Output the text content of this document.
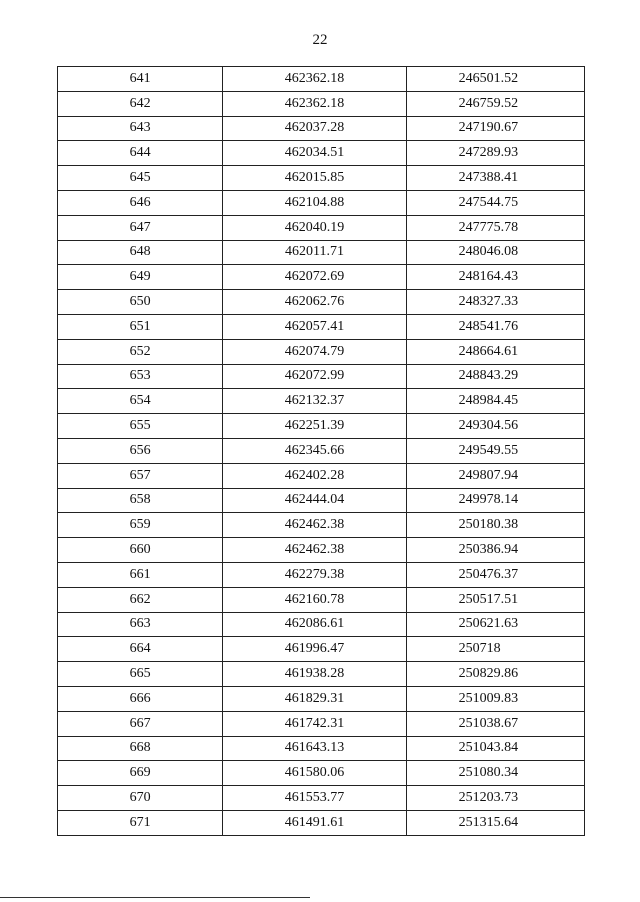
22
641	462362.18	246501.52
642	462362.18	246759.52
643	462037.28	247190.67
644	462034.51	247289.93
645	462015.85	247388.41
646	462104.88	247544.75
647	462040.19	247775.78
648	462011.71	248046.08
649	462072.69	248164.43
650	462062.76	248327.33
651	462057.41	248541.76
652	462074.79	248664.61
653	462072.99	248843.29
654	462132.37	248984.45
655	462251.39	249304.56
656	462345.66	249549.55
657	462402.28	249807.94
658	462444.04	249978.14
659	462462.38	250180.38
660	462462.38	250386.94
661	462279.38	250476.37
662	462160.78	250517.51
663	462086.61	250621.63
664	461996.47	250718
665	461938.28	250829.86
666	461829.31	251009.83
667	461742.31	251038.67
668	461643.13	251043.84
669	461580.06	251080.34
670	461553.77	251203.73
671	461491.61	251315.64
